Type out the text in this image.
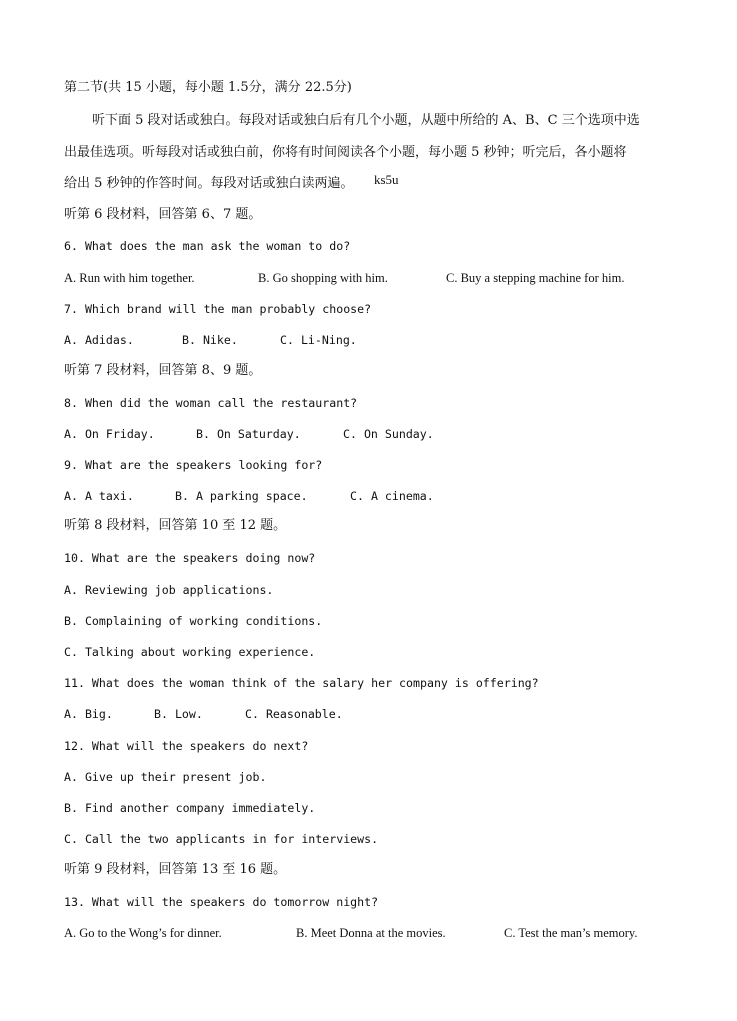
第二节(共 15 小题，每小题 1.5分，满分 22.5分)
听下面 5 段对话或独白。每段对话或独白后有几个小题，从题中所给的 A、B、C 三个选项中选
出最佳选项。听每段对话或独白前，你将有时间阅读各个小题，每小题 5 秒钟；听完后，各小题将
给出 5 秒钟的作答时间。每段对话或独白读两遍。	ks5u
听第 6 段材料，回答第 6、7 题。
6. What does the man ask the woman to do?
A. Run with him together.	B. Go shopping with him.	C. Buy a stepping machine for him.
7. Which brand will the man probably choose?
A. Adidas.	B. Nike.	C. Li-Ning.
听第 7 段材料，回答第 8、9 题。
8. When did the woman call the restaurant?
A. On Friday.	B. On Saturday.	C. On Sunday.
9. What are the speakers looking for?
A. A taxi.	B. A parking space.	C. A cinema.
听第 8 段材料，回答第 10 至 12 题。
10. What are the speakers doing now?
A. Reviewing job applications.
B. Complaining of working conditions.
C. Talking about working experience.
11. What does the woman think of the salary her company is offering?
A. Big.	B. Low.	C. Reasonable.
12. What will the speakers do next?
A. Give up their present job.
B. Find another company immediately.
C. Call the two applicants in for interviews.
听第 9 段材料，回答第 13 至 16 题。
13. What will the speakers do tomorrow night?
A. Go to the Wong’s for dinner.	B. Meet Donna at the movies.	C. Test the man’s memory.
